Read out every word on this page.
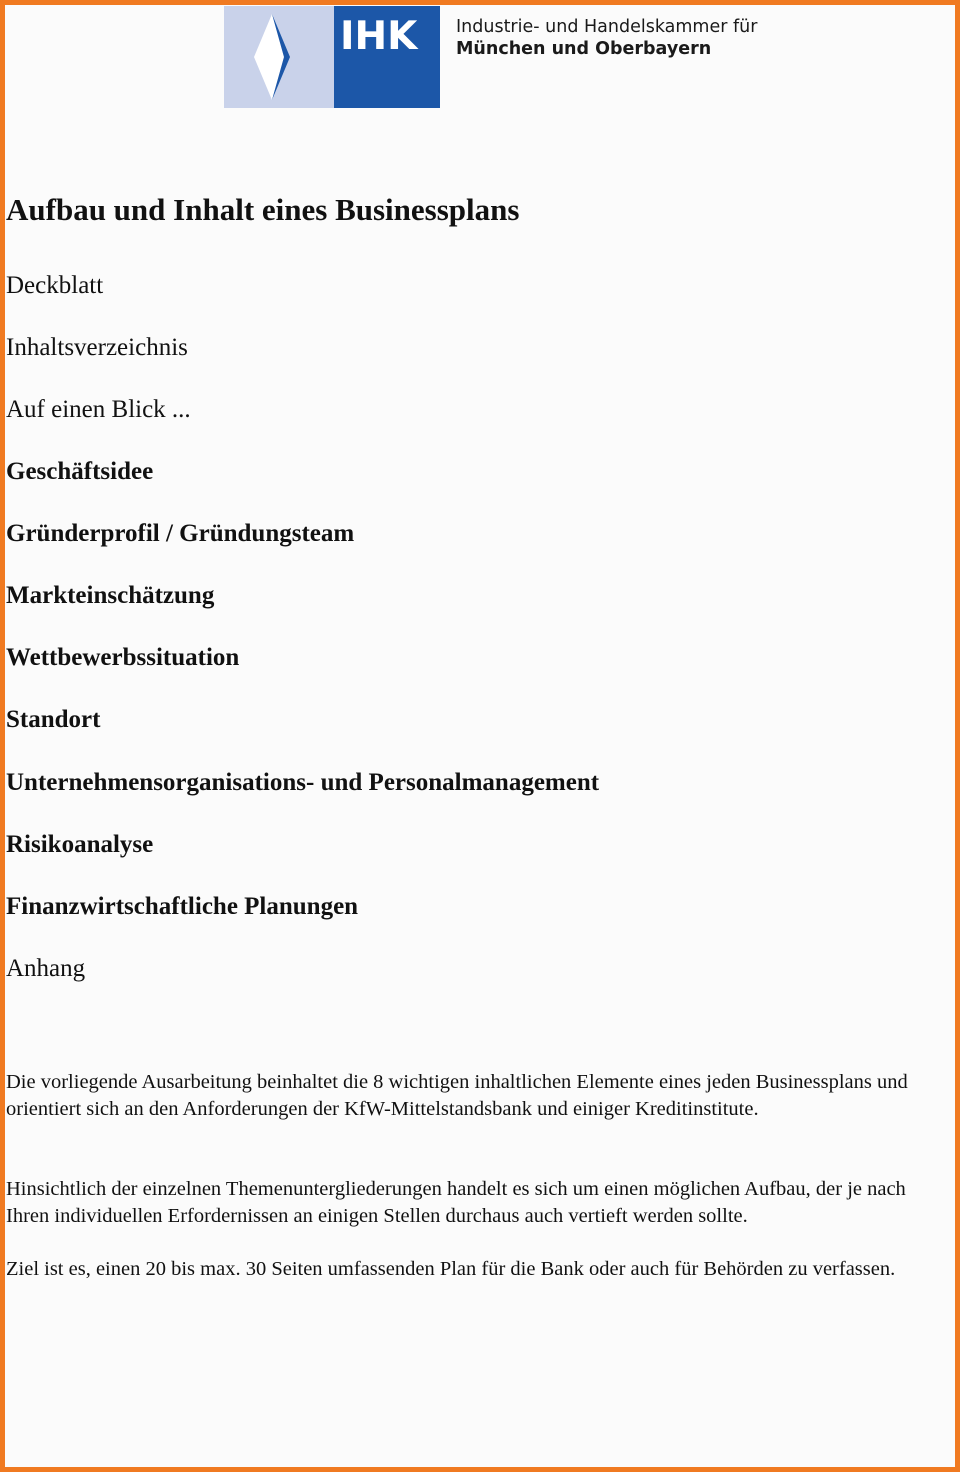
IHK Industrie- und Handelskammer für
München und Oberbayern
Aufbau und Inhalt eines Businessplans
Deckblatt
Inhaltsverzeichnis
Auf einen Blick ...
Geschäftsidee
Gründerprofil / Gründungsteam
Markteinschätzung
Wettbewerbssituation
Standort
Unternehmensorganisations- und Personalmanagement
Risikoanalyse
Finanzwirtschaftliche Planungen
Anhang

Die vorliegende Ausarbeitung beinhaltet die 8 wichtigen inhaltlichen Elemente eines jeden Businessplans und orientiert sich an den Anforderungen der KfW-Mittelstandsbank und einiger Kreditinstitute.

Hinsichtlich der einzelnen Themenuntergliederungen handelt es sich um einen möglichen Aufbau, der je nach Ihren individuellen Erfordernissen an einigen Stellen durchaus auch vertieft werden sollte.

Ziel ist es, einen 20 bis max. 30 Seiten umfassenden Plan für die Bank oder auch für Behörden zu verfassen.
